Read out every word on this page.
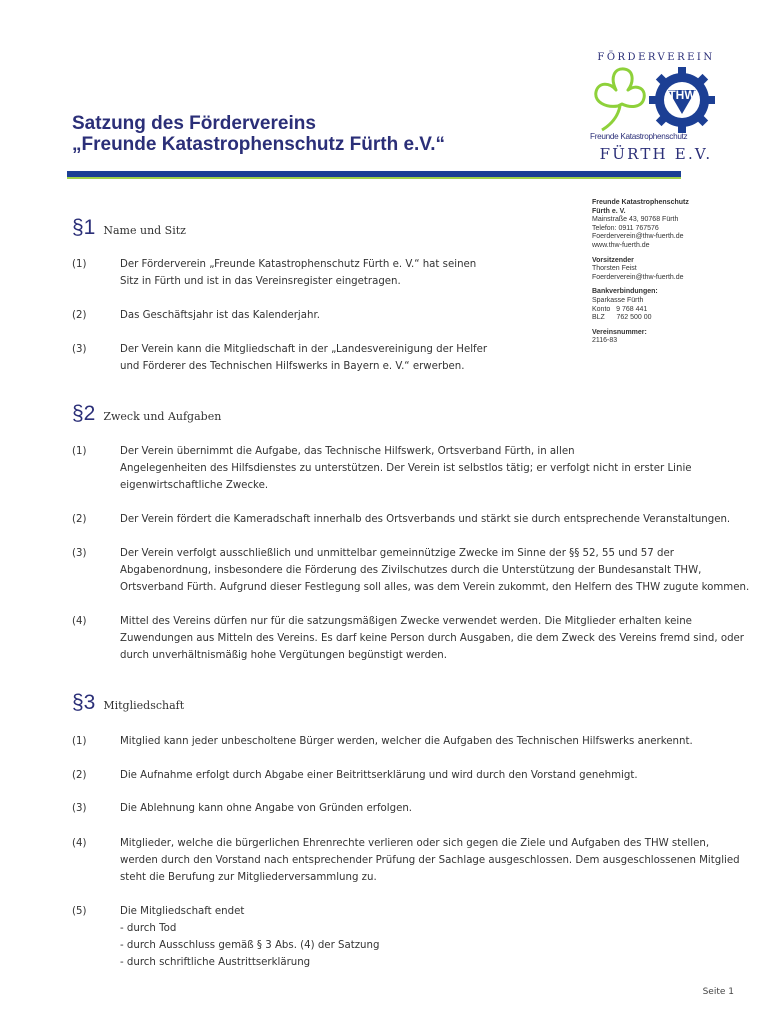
Satzung des Fördervereins
„Freunde Katastrophenschutz Fürth e.V.“
FÖRDERVEREIN
THW
Freunde Katastrophenschutz
FÜRTH E.V.
Freunde Katastrophenschutz
Fürth e. V.
Mainstraße 43, 90768 Fürth
Telefon: 0911 767576
Foerderverein@thw-fuerth.de
www.thw-fuerth.de
Vorsitzender
Thorsten Feist
Foerderverein@thw-fuerth.de
Bankverbindungen:
Sparkasse Fürth
Konto   9 768 441
BLZ      762 500 00
Vereinsnummer:
2116-83
§1 Name und Sitz
(1)	Der Förderverein „Freunde Katastrophenschutz Fürth e. V.“ hat seinen
Sitz in Fürth und ist in das Vereinsregister eingetragen.
(2)	Das Geschäftsjahr ist das Kalenderjahr.
(3)	Der Verein kann die Mitgliedschaft in der „Landesvereinigung der Helfer
und Förderer des Technischen Hilfswerks in Bayern e. V.“ erwerben.
§2 Zweck und Aufgaben
(1)	Der Verein übernimmt die Aufgabe, das Technische Hilfswerk, Ortsverband Fürth, in allen
Angelegenheiten des Hilfsdienstes zu unterstützen. Der Verein ist selbstlos tätig; er verfolgt nicht in erster Linie
eigenwirtschaftliche Zwecke.
(2)	Der Verein fördert die Kameradschaft innerhalb des Ortsverbands und stärkt sie durch entsprechende Veranstaltungen.
(3)	Der Verein verfolgt ausschließlich und unmittelbar gemeinnützige Zwecke im Sinne der §§ 52, 55 und 57 der
Abgabenordnung, insbesondere die Förderung des Zivilschutzes durch die Unterstützung der Bundesanstalt THW,
Ortsverband Fürth. Aufgrund dieser Festlegung soll alles, was dem Verein zukommt, den Helfern des THW zugute kommen.
(4)	Mittel des Vereins dürfen nur für die satzungsmäßigen Zwecke verwendet werden. Die Mitglieder erhalten keine
Zuwendungen aus Mitteln des Vereins. Es darf keine Person durch Ausgaben, die dem Zweck des Vereins fremd sind, oder
durch unverhältnismäßig hohe Vergütungen begünstigt werden.
§3 Mitgliedschaft
(1)	Mitglied kann jeder unbescholtene Bürger werden, welcher die Aufgaben des Technischen Hilfswerks anerkennt.
(2)	Die Aufnahme erfolgt durch Abgabe einer Beitrittserklärung und wird durch den Vorstand genehmigt.
(3)	Die Ablehnung kann ohne Angabe von Gründen erfolgen.
(4)	Mitglieder, welche die bürgerlichen Ehrenrechte verlieren oder sich gegen die Ziele und Aufgaben des THW stellen,
werden durch den Vorstand nach entsprechender Prüfung der Sachlage ausgeschlossen. Dem ausgeschlossenen Mitglied
steht die Berufung zur Mitgliederversammlung zu.
(5)	Die Mitgliedschaft endet
- durch Tod
- durch Ausschluss gemäß § 3 Abs. (4) der Satzung
- durch schriftliche Austrittserklärung
Seite 1
